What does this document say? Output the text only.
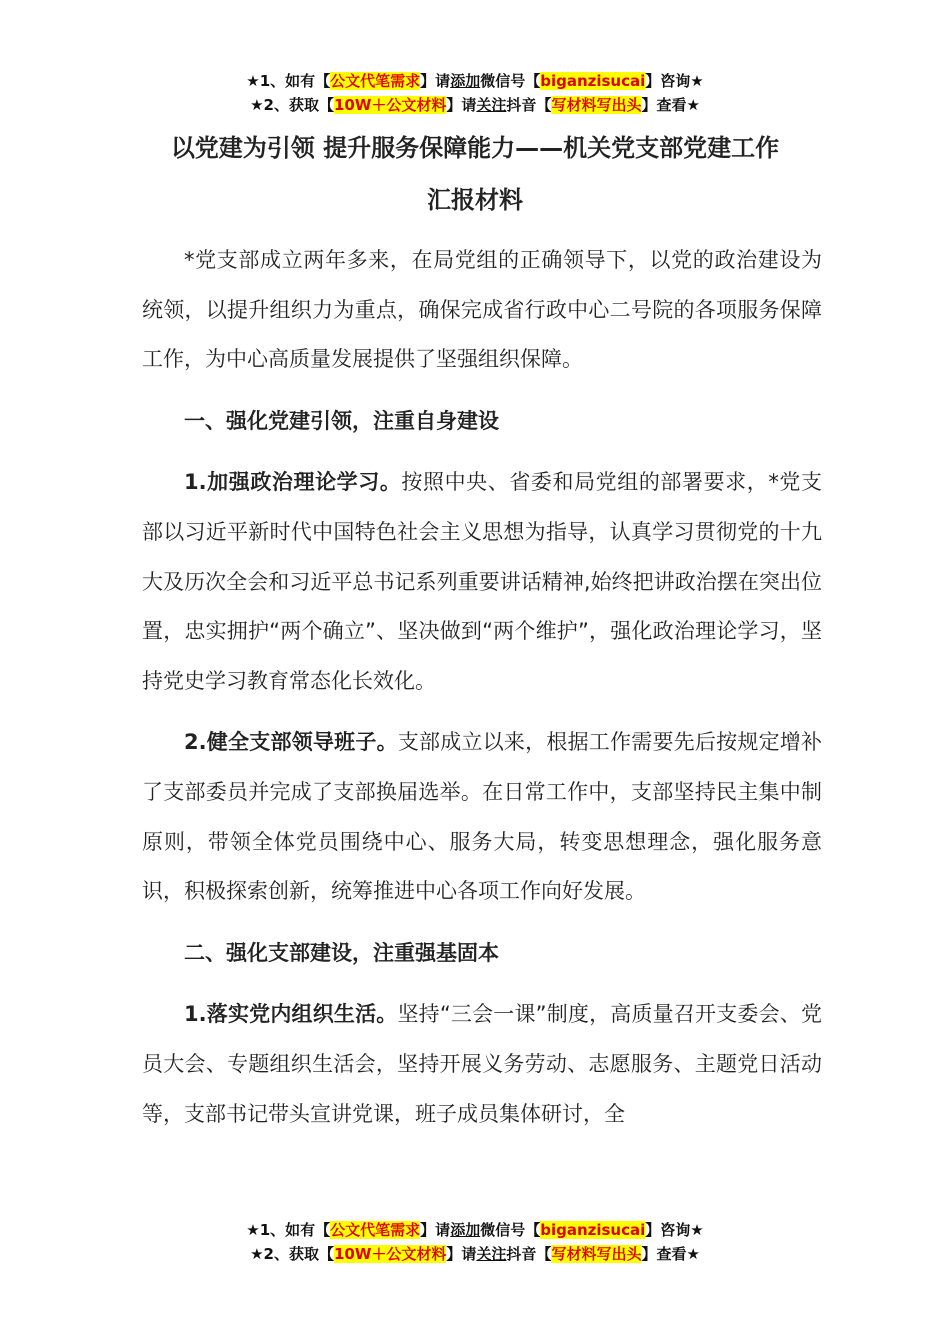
★1、如有【公文代笔需求】请添加微信号【biganzisucai】咨询★
★2、获取【10W＋公文材料】请关注抖音【写材料写出头】查看★
以党建为引领 提升服务保障能力——机关党支部党建工作
汇报材料

*党支部成立两年多来，在局党组的正确领导下，以党的政治建设为统领，以提升组织力为重点，确保完成省行政中心二号院的各项服务保障工作，为中心高质量发展提供了坚强组织保障。

一、强化党建引领，注重自身建设

1.加强政治理论学习。按照中央、省委和局党组的部署要求，*党支部以习近平新时代中国特色社会主义思想为指导，认真学习贯彻党的十九大及历次全会和习近平总书记系列重要讲话精神,始终把讲政治摆在突出位置，忠实拥护“两个确立”、坚决做到“两个维护”，强化政治理论学习，坚持党史学习教育常态化长效化。

2.健全支部领导班子。支部成立以来，根据工作需要先后按规定增补了支部委员并完成了支部换届选举。在日常工作中，支部坚持民主集中制原则，带领全体党员围绕中心、服务大局，转变思想理念，强化服务意识，积极探索创新，统筹推进中心各项工作向好发展。

二、强化支部建设，注重强基固本

1.落实党内组织生活。坚持“三会一课”制度，高质量召开支委会、党员大会、专题组织生活会，坚持开展义务劳动、志愿服务、主题党日活动等，支部书记带头宣讲党课，班子成员集体研讨，全

★1、如有【公文代笔需求】请添加微信号【biganzisucai】咨询★
★2、获取【10W＋公文材料】请关注抖音【写材料写出头】查看★
